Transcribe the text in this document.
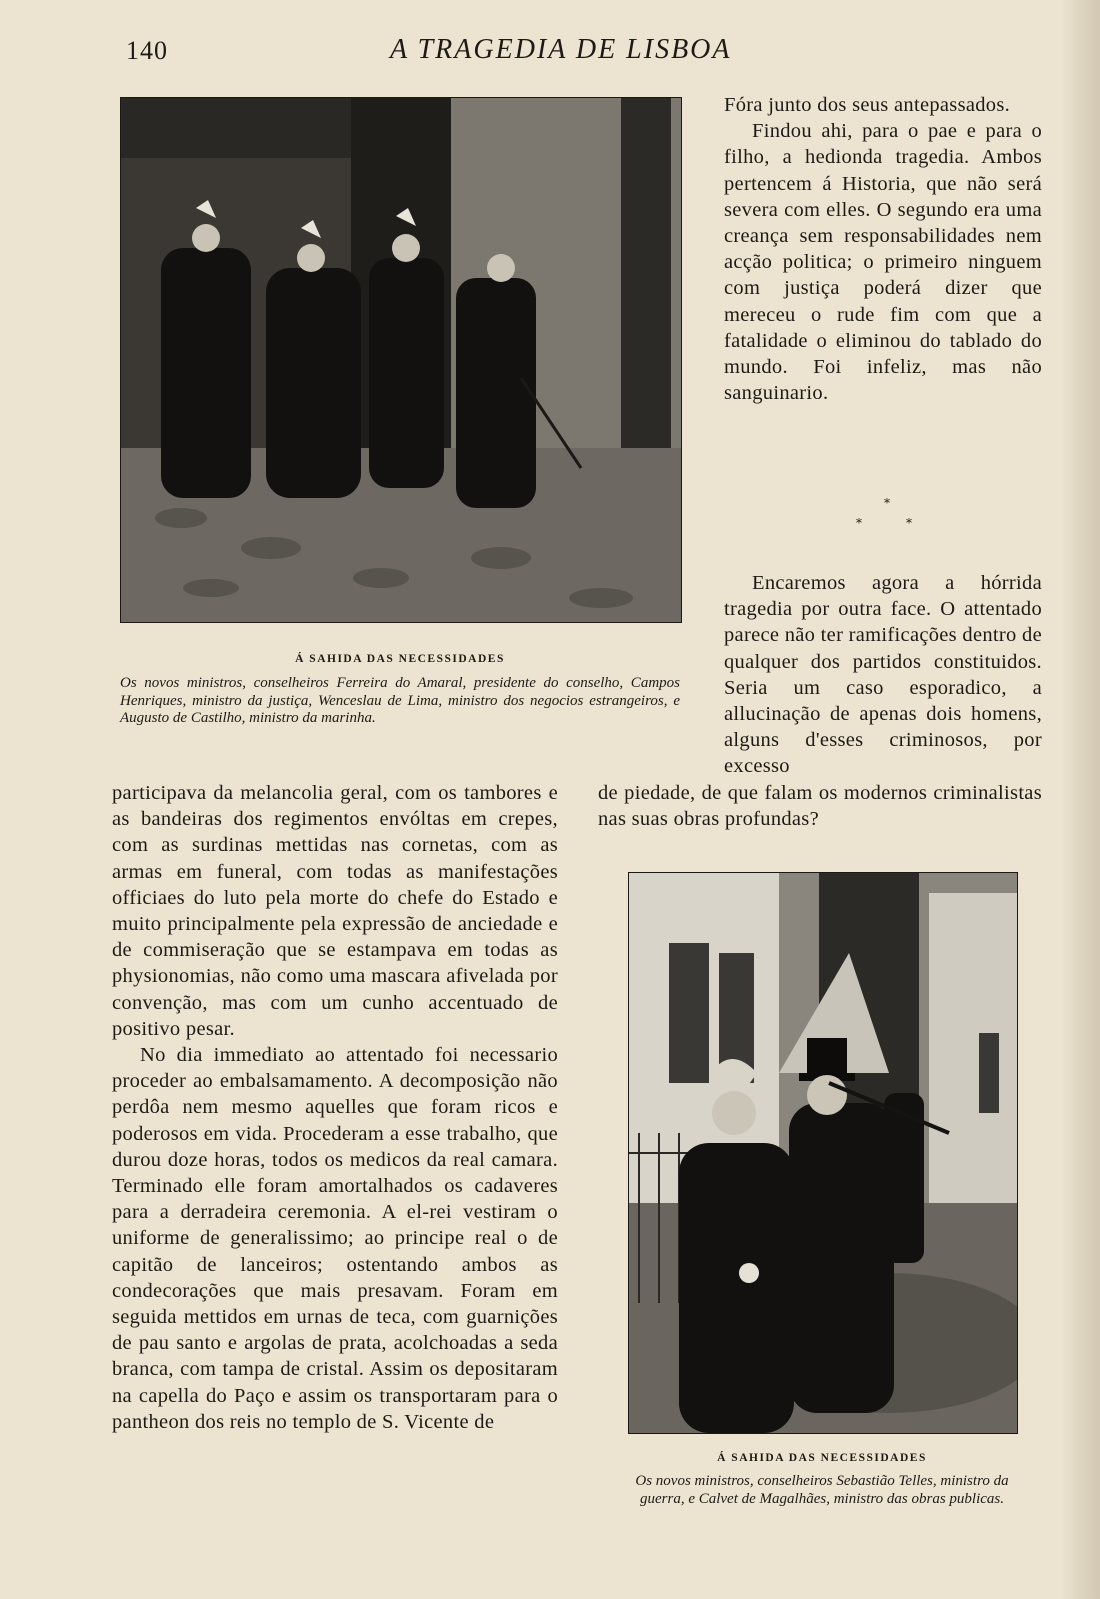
140	A TRAGEDIA DE LISBOA
Á SAHIDA DAS NECESSIDADES
Os novos ministros, conselheiros Ferreira do Amaral, presidente do conselho, Campos Henriques, ministro da justiça, Wenceslau de Lima, ministro dos negocios estrangeiros, e Augusto de Castilho, ministro da marinha.

Fóra junto dos seus antepassados.

Findou ahi, para o pae e para o filho, a hedionda tragedia. Ambos pertencem á Historia, que não será severa com elles. O segundo era uma creança sem responsabilidades nem acção politica; o primeiro ninguem com justiça poderá dizer que mereceu o rude fim com que a fatalidade o eliminou do tablado do mundo. Foi infeliz, mas não sanguinario.

*
*	*

Encaremos agora a hórrida tragedia por outra face. O attentado parece não ter ramificações dentro de qualquer dos partidos constituidos. Seria um caso esporadico, a allucinação de apenas dois homens, alguns d'esses criminosos, por excesso

de piedade, de que falam os modernos criminalistas nas suas obras profundas?

participava da melancolia geral, com os tambores e as bandeiras dos regimentos envóltas em crepes, com as surdinas mettidas nas cornetas, com as armas em funeral, com todas as manifestações officiaes do luto pela morte do chefe do Estado e muito principalmente pela expressão de anciedade e de commiseração que se estampava em todas as physionomias, não como uma mascara afivelada por convenção, mas com um cunho accentuado de positivo pesar.

No dia immediato ao attentado foi necessario proceder ao embalsamamento. A decomposição não perdôa nem mesmo aquelles que foram ricos e poderosos em vida. Procederam a esse trabalho, que durou doze horas, todos os medicos da real camara. Terminado elle foram amortalhados os cadaveres para a derradeira ceremonia. A el-rei vestiram o uniforme de generalissimo; ao principe real o de capitão de lanceiros; ostentando ambos as condecorações que mais presavam. Foram em seguida mettidos em urnas de teca, com guarnições de pau santo e argolas de prata, acolchoadas a seda branca, com tampa de cristal. Assim os depositaram na capella do Paço e assim os transportaram para o pantheon dos reis no templo de S. Vicente de

Á SAHIDA DAS NECESSIDADES
Os novos ministros, conselheiros Sebastião Telles, ministro da guerra, e Calvet de Magalhães, ministro das obras publicas.
